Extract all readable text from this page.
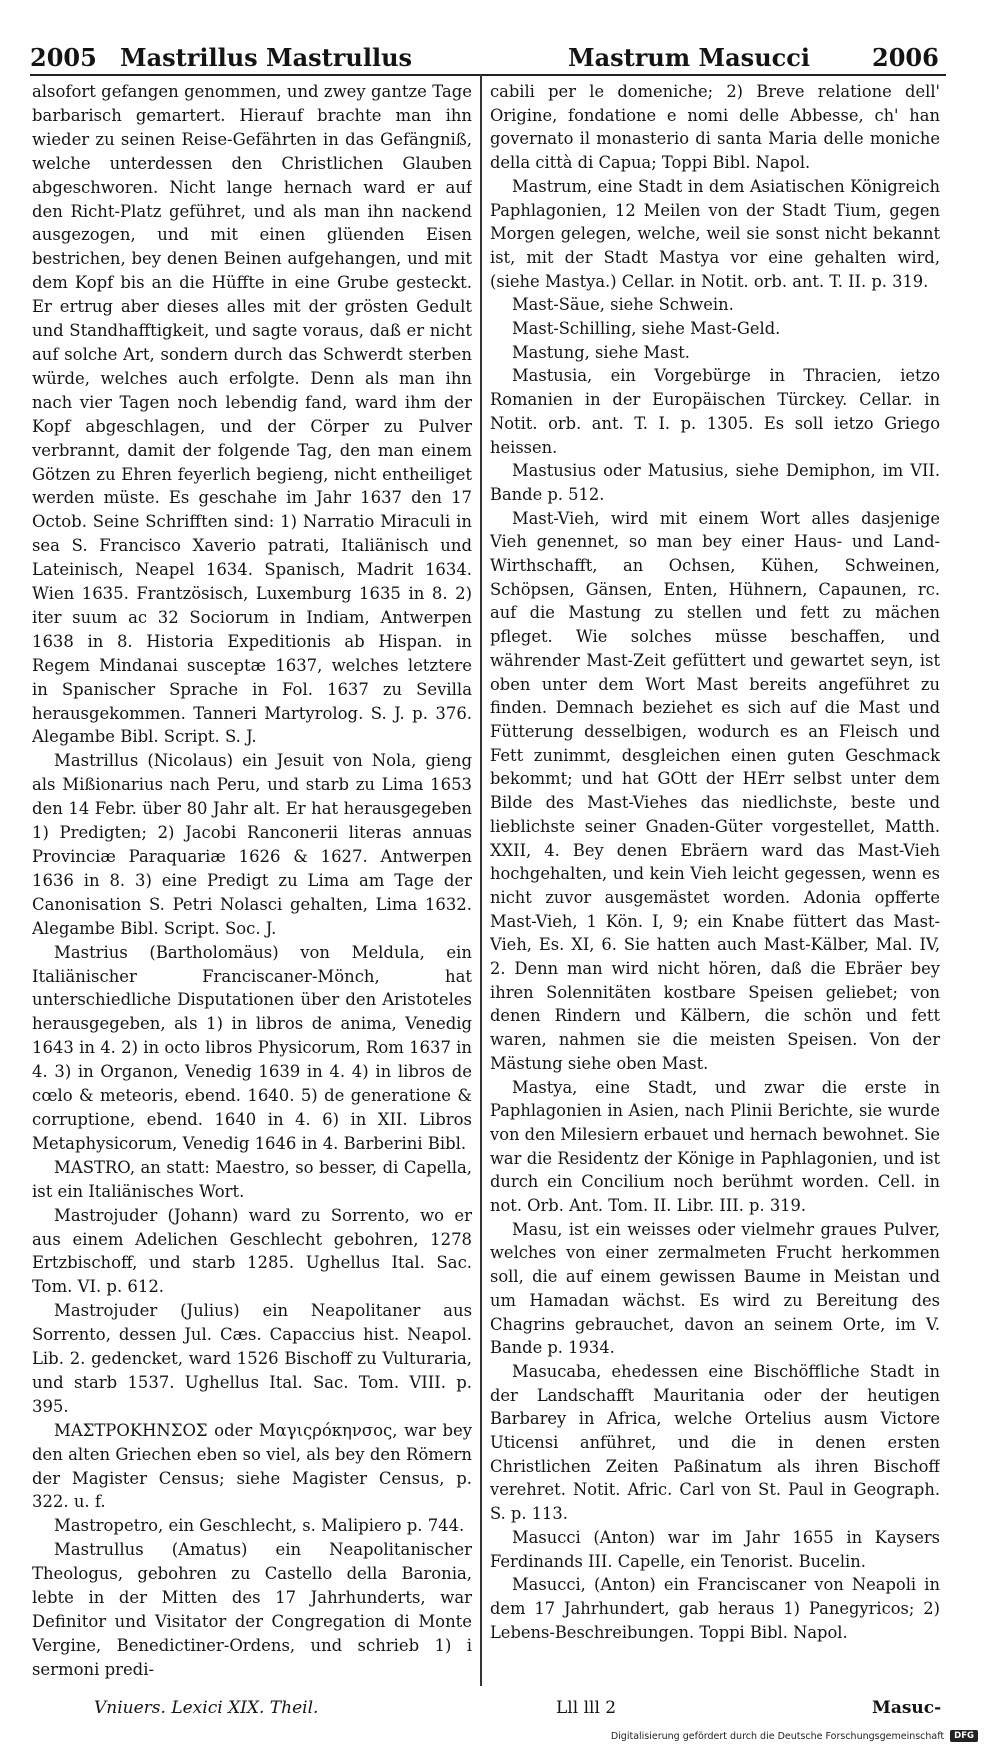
2005 Mastrillus Mastrullus	Mastrum Masucci	2006

alsofort gefangen genommen, und zwey gantze Tage barbarisch gemartert. Hierauf brachte man ihn wieder zu seinen Reise-Gefährten in das Gefängniß, welche unterdessen den Christlichen Glauben abgeschworen. Nicht lange hernach ward er auf den Richt-Platz geführet, und als man ihn nackend ausgezogen, und mit einen glüenden Eisen bestrichen, bey denen Beinen aufgehangen, und mit dem Kopf bis an die Hüffte in eine Grube gesteckt. Er ertrug aber dieses alles mit der grösten Gedult und Standhafftigkeit, und sagte voraus, daß er nicht auf solche Art, sondern durch das Schwerdt sterben würde, welches auch erfolgte. Denn als man ihn nach vier Tagen noch lebendig fand, ward ihm der Kopf abgeschlagen, und der Cörper zu Pulver verbrannt, damit der folgende Tag, den man einem Götzen zu Ehren feyerlich begieng, nicht entheiliget werden müste. Es geschahe im Jahr 1637 den 17 Octob. Seine Schrifften sind: 1) Narratio Miraculi in sea S. Francisco Xaverio patrati, Italiänisch und Lateinisch, Neapel 1634. Spanisch, Madrit 1634. Wien 1635. Frantzösisch, Luxemburg 1635 in 8. 2) iter suum ac 32 Sociorum in Indiam, Antwerpen 1638 in 8. Historia Expeditionis ab Hispan. in Regem Mindanai susceptæ 1637, welches letztere in Spanischer Sprache in Fol. 1637 zu Sevilla herausgekommen. Tanneri Martyrolog. S. J. p. 376. Alegambe Bibl. Script. S. J.

Mastrillus (Nicolaus) ein Jesuit von Nola, gieng als Mißionarius nach Peru, und starb zu Lima 1653 den 14 Febr. über 80 Jahr alt. Er hat herausgegeben 1) Predigten; 2) Jacobi Ranconerii literas annuas Provinciæ Paraquariæ 1626 & 1627. Antwerpen 1636 in 8. 3) eine Predigt zu Lima am Tage der Canonisation S. Petri Nolasci gehalten, Lima 1632. Alegambe Bibl. Script. Soc. J.

Mastrius (Bartholomäus) von Meldula, ein Italiänischer Franciscaner-Mönch, hat unterschiedliche Disputationen über den Aristoteles herausgegeben, als 1) in libros de anima, Venedig 1643 in 4. 2) in octo libros Physicorum, Rom 1637 in 4. 3) in Organon, Venedig 1639 in 4. 4) in libros de cœlo & meteoris, ebend. 1640. 5) de generatione & corruptione, ebend. 1640 in 4. 6) in XII. Libros Metaphysicorum, Venedig 1646 in 4. Barberini Bibl.

MASTRO, an statt: Maestro, so besser, di Capella, ist ein Italiänisches Wort.

Mastrojuder (Johann) ward zu Sorrento, wo er aus einem Adelichen Geschlecht gebohren, 1278 Ertzbischoff, und starb 1285. Ughellus Ital. Sac. Tom. VI. p. 612.

Mastrojuder (Julius) ein Neapolitaner aus Sorrento, dessen Jul. Cæs. Capaccius hist. Neapol. Lib. 2. gedencket, ward 1526 Bischoff zu Vulturaria, und starb 1537. Ughellus Ital. Sac. Tom. VIII. p. 395.

ΜΑΣΤΡΟΚΗΝΣΟΣ oder Μαγιςρόκηνσος, war bey den alten Griechen eben so viel, als bey den Römern der Magister Census; siehe Magister Census, p. 322. u. f.

Mastropetro, ein Geschlecht, s. Malipiero p. 744.

Mastrullus (Amatus) ein Neapolitanischer Theologus, gebohren zu Castello della Baronia, lebte in der Mitten des 17 Jahrhunderts, war Definitor und Visitator der Congregation di Monte Vergine, Benedictiner-Ordens, und schrieb 1) i sermoni predi-

cabili per le domeniche; 2) Breve relatione dell' Origine, fondatione e nomi delle Abbesse, ch' han governato il monasterio di santa Maria delle moniche della città di Capua; Toppi Bibl. Napol.

Mastrum, eine Stadt in dem Asiatischen Königreich Paphlagonien, 12 Meilen von der Stadt Tium, gegen Morgen gelegen, welche, weil sie sonst nicht bekannt ist, mit der Stadt Mastya vor eine gehalten wird, (siehe Mastya.) Cellar. in Notit. orb. ant. T. II. p. 319.

Mast-Säue, siehe Schwein.

Mast-Schilling, siehe Mast-Geld.

Mastung, siehe Mast.

Mastusia, ein Vorgebürge in Thracien, ietzo Romanien in der Europäischen Türckey. Cellar. in Notit. orb. ant. T. I. p. 1305. Es soll ietzo Griego heissen.

Mastusius oder Matusius, siehe Demiphon, im VII. Bande p. 512.

Mast-Vieh, wird mit einem Wort alles dasjenige Vieh genennet, so man bey einer Haus- und Land-Wirthschafft, an Ochsen, Kühen, Schweinen, Schöpsen, Gänsen, Enten, Hühnern, Capaunen, rc. auf die Mastung zu stellen und fett zu mächen pfleget. Wie solches müsse beschaffen, und währender Mast-Zeit gefüttert und gewartet seyn, ist oben unter dem Wort Mast bereits angeführet zu finden. Demnach beziehet es sich auf die Mast und Fütterung desselbigen, wodurch es an Fleisch und Fett zunimmt, desgleichen einen guten Geschmack bekommt; und hat GOtt der HErr selbst unter dem Bilde des Mast-Viehes das niedlichste, beste und lieblichste seiner Gnaden-Güter vorgestellet, Matth. XXII, 4. Bey denen Ebräern ward das Mast-Vieh hochgehalten, und kein Vieh leicht gegessen, wenn es nicht zuvor ausgemästet worden. Adonia opfferte Mast-Vieh, 1 Kön. I, 9; ein Knabe füttert das Mast-Vieh, Es. XI, 6. Sie hatten auch Mast-Kälber, Mal. IV, 2. Denn man wird nicht hören, daß die Ebräer bey ihren Solennitäten kostbare Speisen geliebet; von denen Rindern und Kälbern, die schön und fett waren, nahmen sie die meisten Speisen. Von der Mästung siehe oben Mast.

Mastya, eine Stadt, und zwar die erste in Paphlagonien in Asien, nach Plinii Berichte, sie wurde von den Milesiern erbauet und hernach bewohnet. Sie war die Residentz der Könige in Paphlagonien, und ist durch ein Concilium noch berühmt worden. Cell. in not. Orb. Ant. Tom. II. Libr. III. p. 319.

Masu, ist ein weisses oder vielmehr graues Pulver, welches von einer zermalmeten Frucht herkommen soll, die auf einem gewissen Baume in Meistan und um Hamadan wächst. Es wird zu Bereitung des Chagrins gebrauchet, davon an seinem Orte, im V. Bande p. 1934.

Masucaba, ehedessen eine Bischöffliche Stadt in der Landschafft Mauritania oder der heutigen Barbarey in Africa, welche Ortelius ausm Victore Uticensi anführet, und die in denen ersten Christlichen Zeiten Paßinatum als ihren Bischoff verehret. Notit. Afric. Carl von St. Paul in Geograph. S. p. 113.

Masucci (Anton) war im Jahr 1655 in Kaysers Ferdinands III. Capelle, ein Tenorist. Bucelin.

Masucci, (Anton) ein Franciscaner von Neapoli in dem 17 Jahrhundert, gab heraus 1) Panegyricos; 2) Lebens-Beschreibungen. Toppi Bibl. Napol.

Vniuers. Lexici XIX. Theil.	Lll lll 2	Masuc-
Digitalisierung gefördert durch die Deutsche Forschungsgemeinschaft	DFG
